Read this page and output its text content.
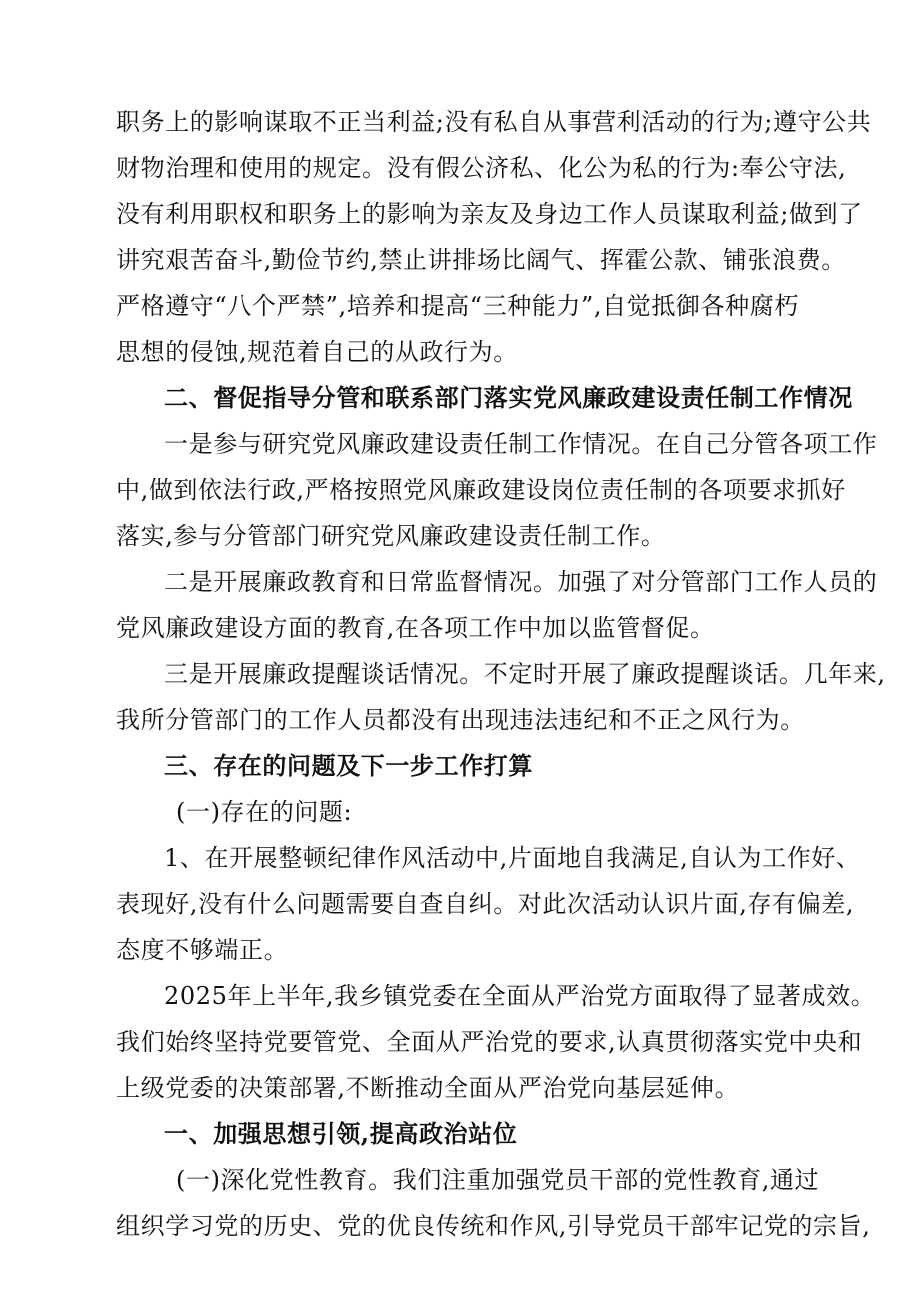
职务上的影响谋取不正当利益;没有私自从事营利活动的行为;遵守公共
财物治理和使用的规定。没有假公济私、化公为私的行为:奉公守法,
没有利用职权和职务上的影响为亲友及身边工作人员谋取利益;做到了
讲究艰苦奋斗,勤俭节约,禁止讲排场比阔气、挥霍公款、铺张浪费。
严格遵守“八个严禁”,培养和提高“三种能力”,自觉抵御各种腐朽
思想的侵蚀,规范着自己的从政行为。
二、督促指导分管和联系部门落实党风廉政建设责任制工作情况
一是参与研究党风廉政建设责任制工作情况。在自己分管各项工作
中,做到依法行政,严格按照党风廉政建设岗位责任制的各项要求抓好
落实,参与分管部门研究党风廉政建设责任制工作。
二是开展廉政教育和日常监督情况。加强了对分管部门工作人员的
党风廉政建设方面的教育,在各项工作中加以监管督促。
三是开展廉政提醒谈话情况。不定时开展了廉政提醒谈话。几年来,
我所分管部门的工作人员都没有出现违法违纪和不正之风行为。
三、存在的问题及下一步工作打算
(一)存在的问题:
1、在开展整顿纪律作风活动中,片面地自我满足,自认为工作好、
表现好,没有什么问题需要自查自纠。对此次活动认识片面,存有偏差,
态度不够端正。
2025年上半年,我乡镇党委在全面从严治党方面取得了显著成效。
我们始终坚持党要管党、全面从严治党的要求,认真贯彻落实党中央和
上级党委的决策部署,不断推动全面从严治党向基层延伸。
一、加强思想引领,提高政治站位
(一)深化党性教育。我们注重加强党员干部的党性教育,通过
组织学习党的历史、党的优良传统和作风,引导党员干部牢记党的宗旨,
